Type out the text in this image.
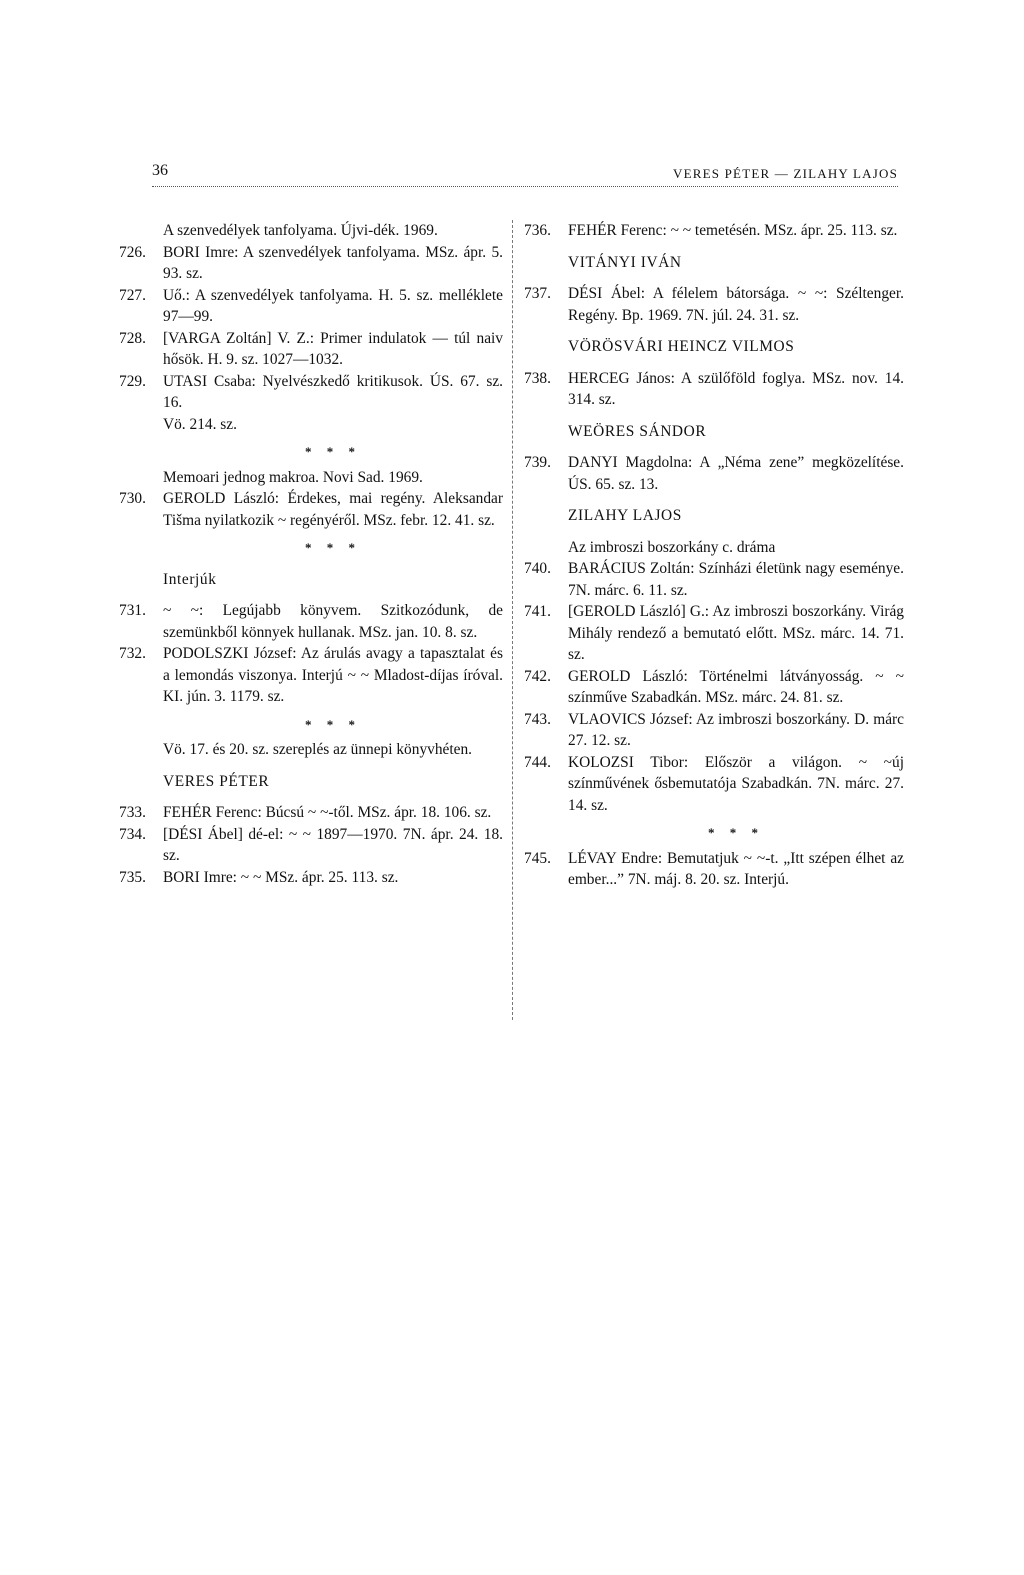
36	VERES PÉTER — ZILAHY LAJOS
A szenvedélyek tanfolyama. Újvi-dék. 1969.
726.	BORI Imre: A szenvedélyek tanfolyama. MSz. ápr. 5. 93. sz.
727.	Uő.: A szenvedélyek tanfolyama. H. 5. sz. melléklete 97—99.
728.	[VARGA Zoltán] V. Z.: Primer indulatok — túl naiv hősök. H. 9. sz. 1027—1032.
729.	UTASI Csaba: Nyelvészkedő kritikusok. ÚS. 67. sz. 16.
Vö. 214. sz.
* * *
Memoari jednog makroa. Novi Sad. 1969.
730.	GEROLD László: Érdekes, mai regény. Aleksandar Tišma nyilatkozik ~ regényéről. MSz. febr. 12. 41. sz.
* * *
Interjúk
731.	~ ~: Legújabb könyvem. Szitkozódunk, de szemünkből könnyek hullanak. MSz. jan. 10. 8. sz.
732.	PODOLSZKI József: Az árulás avagy a tapasztalat és a lemondás viszonya. Interjú ~ ~ Mladost-díjas íróval. KI. jún. 3. 1179. sz.
* * *
Vö. 17. és 20. sz. szereplés az ünnepi könyvhéten.
VERES PÉTER
733.	FEHÉR Ferenc: Búcsú ~ ~-től. MSz. ápr. 18. 106. sz.
734.	[DÉSI Ábel] dé-el: ~ ~ 1897—1970. 7N. ápr. 24. 18. sz.
735.	BORI Imre: ~ ~ MSz. ápr. 25. 113. sz.
736.	FEHÉR Ferenc: ~ ~ temetésén. MSz. ápr. 25. 113. sz.
VITÁNYI IVÁN
737.	DÉSI Ábel: A félelem bátorsága. ~ ~: Széltenger. Regény. Bp. 1969. 7N. júl. 24. 31. sz.
VÖRÖSVÁRI HEINCZ VILMOS
738.	HERCEG János: A szülőföld foglya. MSz. nov. 14. 314. sz.
WEÖRES SÁNDOR
739.	DANYI Magdolna: A „Néma zene” megközelítése. ÚS. 65. sz. 13.
ZILAHY LAJOS
Az imbroszi boszorkány c. dráma
740.	BARÁCIUS Zoltán: Színházi életünk nagy eseménye. 7N. márc. 6. 11. sz.
741.	[GEROLD László] G.: Az imbroszi boszorkány. Virág Mihály rendező a bemutató előtt. MSz. márc. 14. 71. sz.
742.	GEROLD László: Történelmi látványosság. ~ ~ színműve Szabadkán. MSz. márc. 24. 81. sz.
743.	VLAOVICS József: Az imbroszi boszorkány. D. márc 27. 12. sz.
744.	KOLOZSI Tibor: Először a világon. ~ ~új színművének ősbemutatója Szabadkán. 7N. márc. 27. 14. sz.
* * *
745.	LÉVAY Endre: Bemutatjuk ~ ~-t. „Itt szépen élhet az ember...” 7N. máj. 8. 20. sz. Interjú.
